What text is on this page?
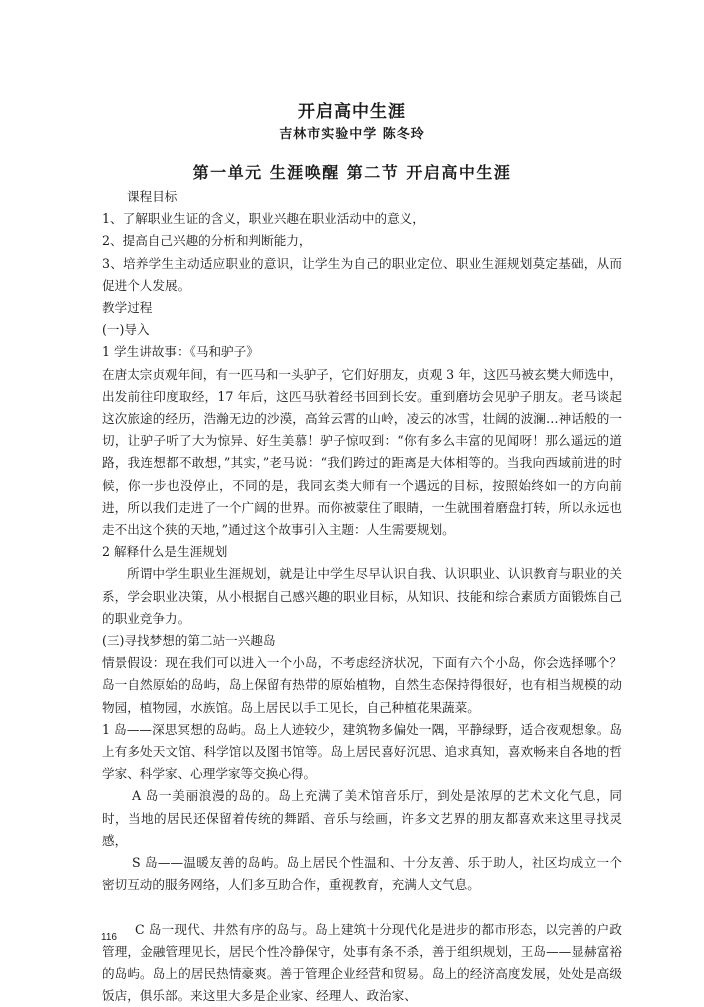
开启高中生涯
吉林市实验中学 陈冬玲
第一单元 生涯唤醒 第二节 开启高中生涯

课程目标

1、了解职业生证的含义，职业兴趣在职业活动中的意义，

2、提高自己兴趣的分析和判断能力，

3、培养学生主动适应职业的意识，让学生为自己的职业定位、职业生涯规划莫定基础，从而促进个人发展。

教学过程

(一)导入

1 学生讲故事：《马和驴子》

在唐太宗贞观年间，有一匹马和一头驴子，它们好朋友，贞观 3 年，这匹马被玄樊大师选中，出发前往印度取经，17 年后，这匹马驮着经书回到长安。重到磨坊会见驴子朋友。老马谈起这次旅途的经历，浩瀚无边的沙漠，高耸云霄的山岭，凌云的冰雪，壮阔的波澜…神话般的一切，让驴子听了大为惊异、好生美慕！驴子惊叹到：“你有多么丰富的见闻呀！那么遥远的道路，我连想都不敢想，”其实，”老马说：“我们跨过的距离是大体相等的。当我向西域前进的时候，你一步也没停止，不同的是，我同玄类大师有一个遇远的目标，按照始终如一的方向前进，所以我们走进了一个广阔的世界。而你被蒙住了眼睛，一生就围着磨盘打转，所以永远也走不出这个狭的天地，”通过这个故事引入主题：人生需要规划。

2 解释什么是生涯规划

所谓中学生职业生涯规划，就是让中学生尽早认识自我、认识职业、认识教育与职业的关系，学会职业决策，从小根据自己感兴趣的职业目标，从知识、技能和综合素质方面锻炼自己的职业竞争力。

(三)寻找梦想的第二站一兴趣岛

情景假设：现在我们可以进入一个小岛，不考虑经济状况，下面有六个小岛，你会选择哪个？岛一自然原始的岛屿，岛上保留有热带的原始植物，自然生态保持得很好，也有相当规模的动物园，植物园，水族馆。岛上居民以手工见长，自己种植花果蔬菜。

1 岛——深思冥想的岛屿。岛上人迹较少，建筑物多偏处一隅，平静绿野，适合夜观想象。岛上有多处天文馆、科学馆以及图书馆等。岛上居民喜好沉思、追求真知，喜欢畅来自各地的哲学家、科学家、心理学家等交换心得。

A 岛一美丽浪漫的岛的。岛上充满了美术馆音乐厅，到处是浓厚的艺术文化气息，同时，当地的居民还保留着传统的舞蹈、音乐与绘画，许多文艺界的朋友都喜欢来这里寻找灵感，

S 岛——温暖友善的岛屿。岛上居民个性温和、十分友善、乐于助人，社区均成立一个密切互动的服务网络，人们多互助合作，重视教育，充满人文气息。

C 岛一现代、井然有序的岛与。岛上建筑十分现代化是进步的都市形态，以完善的户政管理，金融管理见长，居民个性冷静保守，处事有条不杀，善于组织规划，王岛——显赫富裕的岛屿。岛上的居民热情豪爽。善于管理企业经营和贸易。岛上的经济高度发展，处处是高级饭店，俱乐部。来这里大多是企业家、经理人、政治家、

116
